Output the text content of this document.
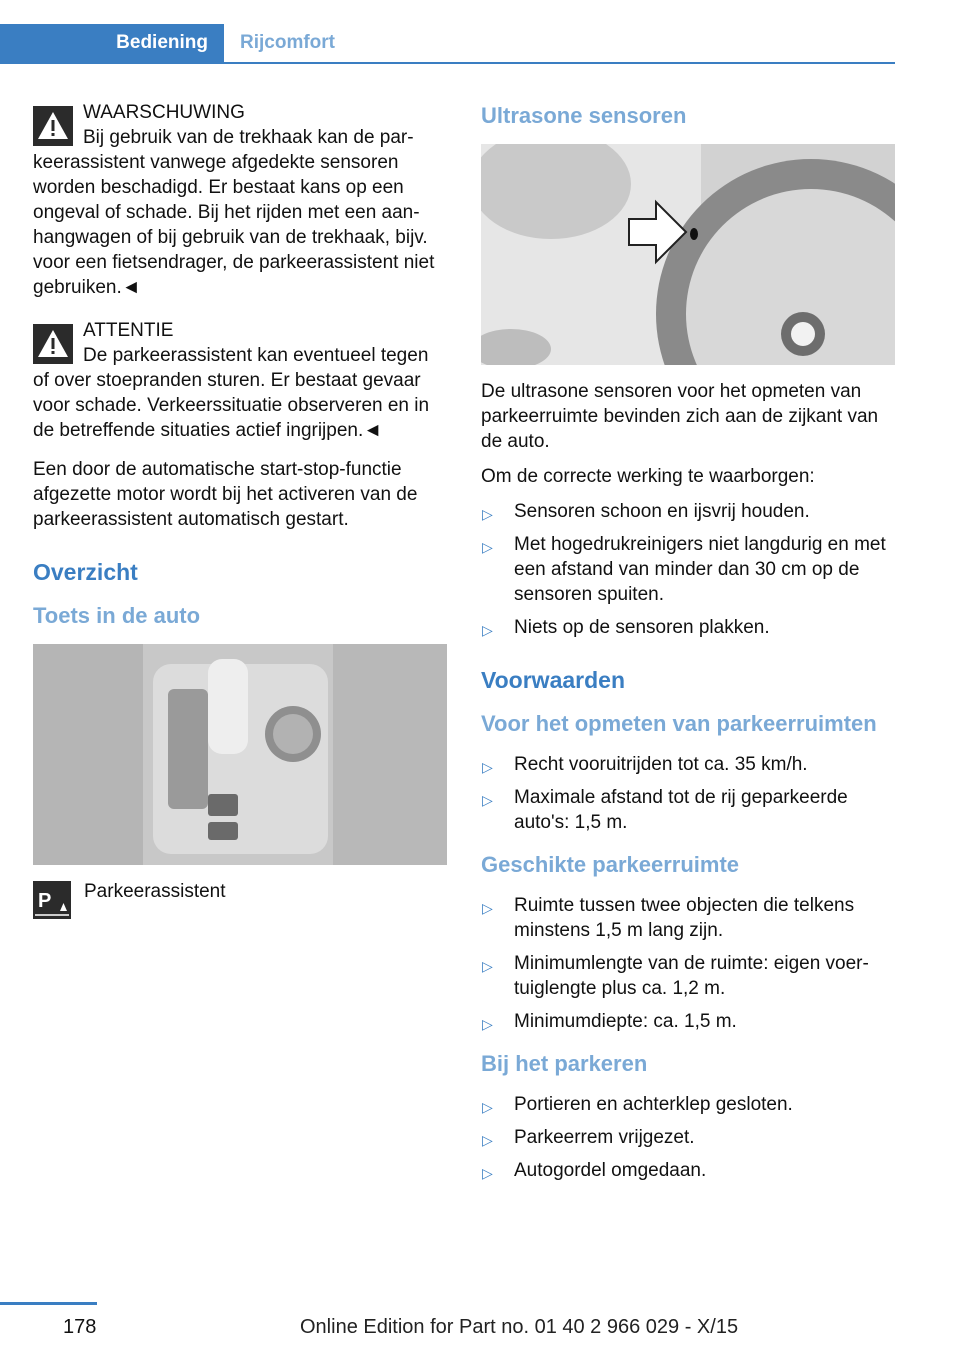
Bediening	Rijcomfort

WAARSCHUWING

Bij gebruik van de trekhaak kan de parkeerassistent vanwege afgedekte sensoren worden beschadigd. Er bestaat kans op een ongeval of schade. Bij het rijden met een aanhangwagen of bij gebruik van de trekhaak, bijv. voor een fietsendrager, de parkeerassistent niet gebruiken.◄

ATTENTIE

De parkeerassistent kan eventueel tegen of over stoepranden sturen. Er bestaat gevaar voor schade. Verkeerssituatie observeren en in de betreffende situaties actief ingrijpen.◄

Een door de automatische start-stop-functie afgezette motor wordt bij het activeren van de parkeerassistent automatisch gestart.

Overzicht
Toets in de auto
P Parkeerassistent
Ultrasone sensoren

De ultrasone sensoren voor het opmeten van parkeerruimte bevinden zich aan de zijkant van de auto.

Om de correcte werking te waarborgen:

▷ Sensoren schoon en ijsvrij houden.
▷ Met hogedrukreinigers niet langdurig en met een afstand van minder dan 30 cm op de sensoren spuiten.
▷ Niets op de sensoren plakken.
Voorwaarden
Voor het opmeten van parkeerruimten
▷ Recht vooruitrijden tot ca. 35 km/h.
▷ Maximale afstand tot de rij geparkeerde auto's: 1,5 m.
Geschikte parkeerruimte
▷ Ruimte tussen twee objecten die telkens minstens 1,5 m lang zijn.
▷ Minimumlengte van de ruimte: eigen voertuiglengte plus ca. 1,2 m.
▷ Minimumdiepte: ca. 1,5 m.
Bij het parkeren
▷ Portieren en achterklep gesloten.
▷ Parkeerrem vrijgezet.
▷ Autogordel omgedaan.
178	Online Edition for Part no. 01 40 2 966 029 - X/15
